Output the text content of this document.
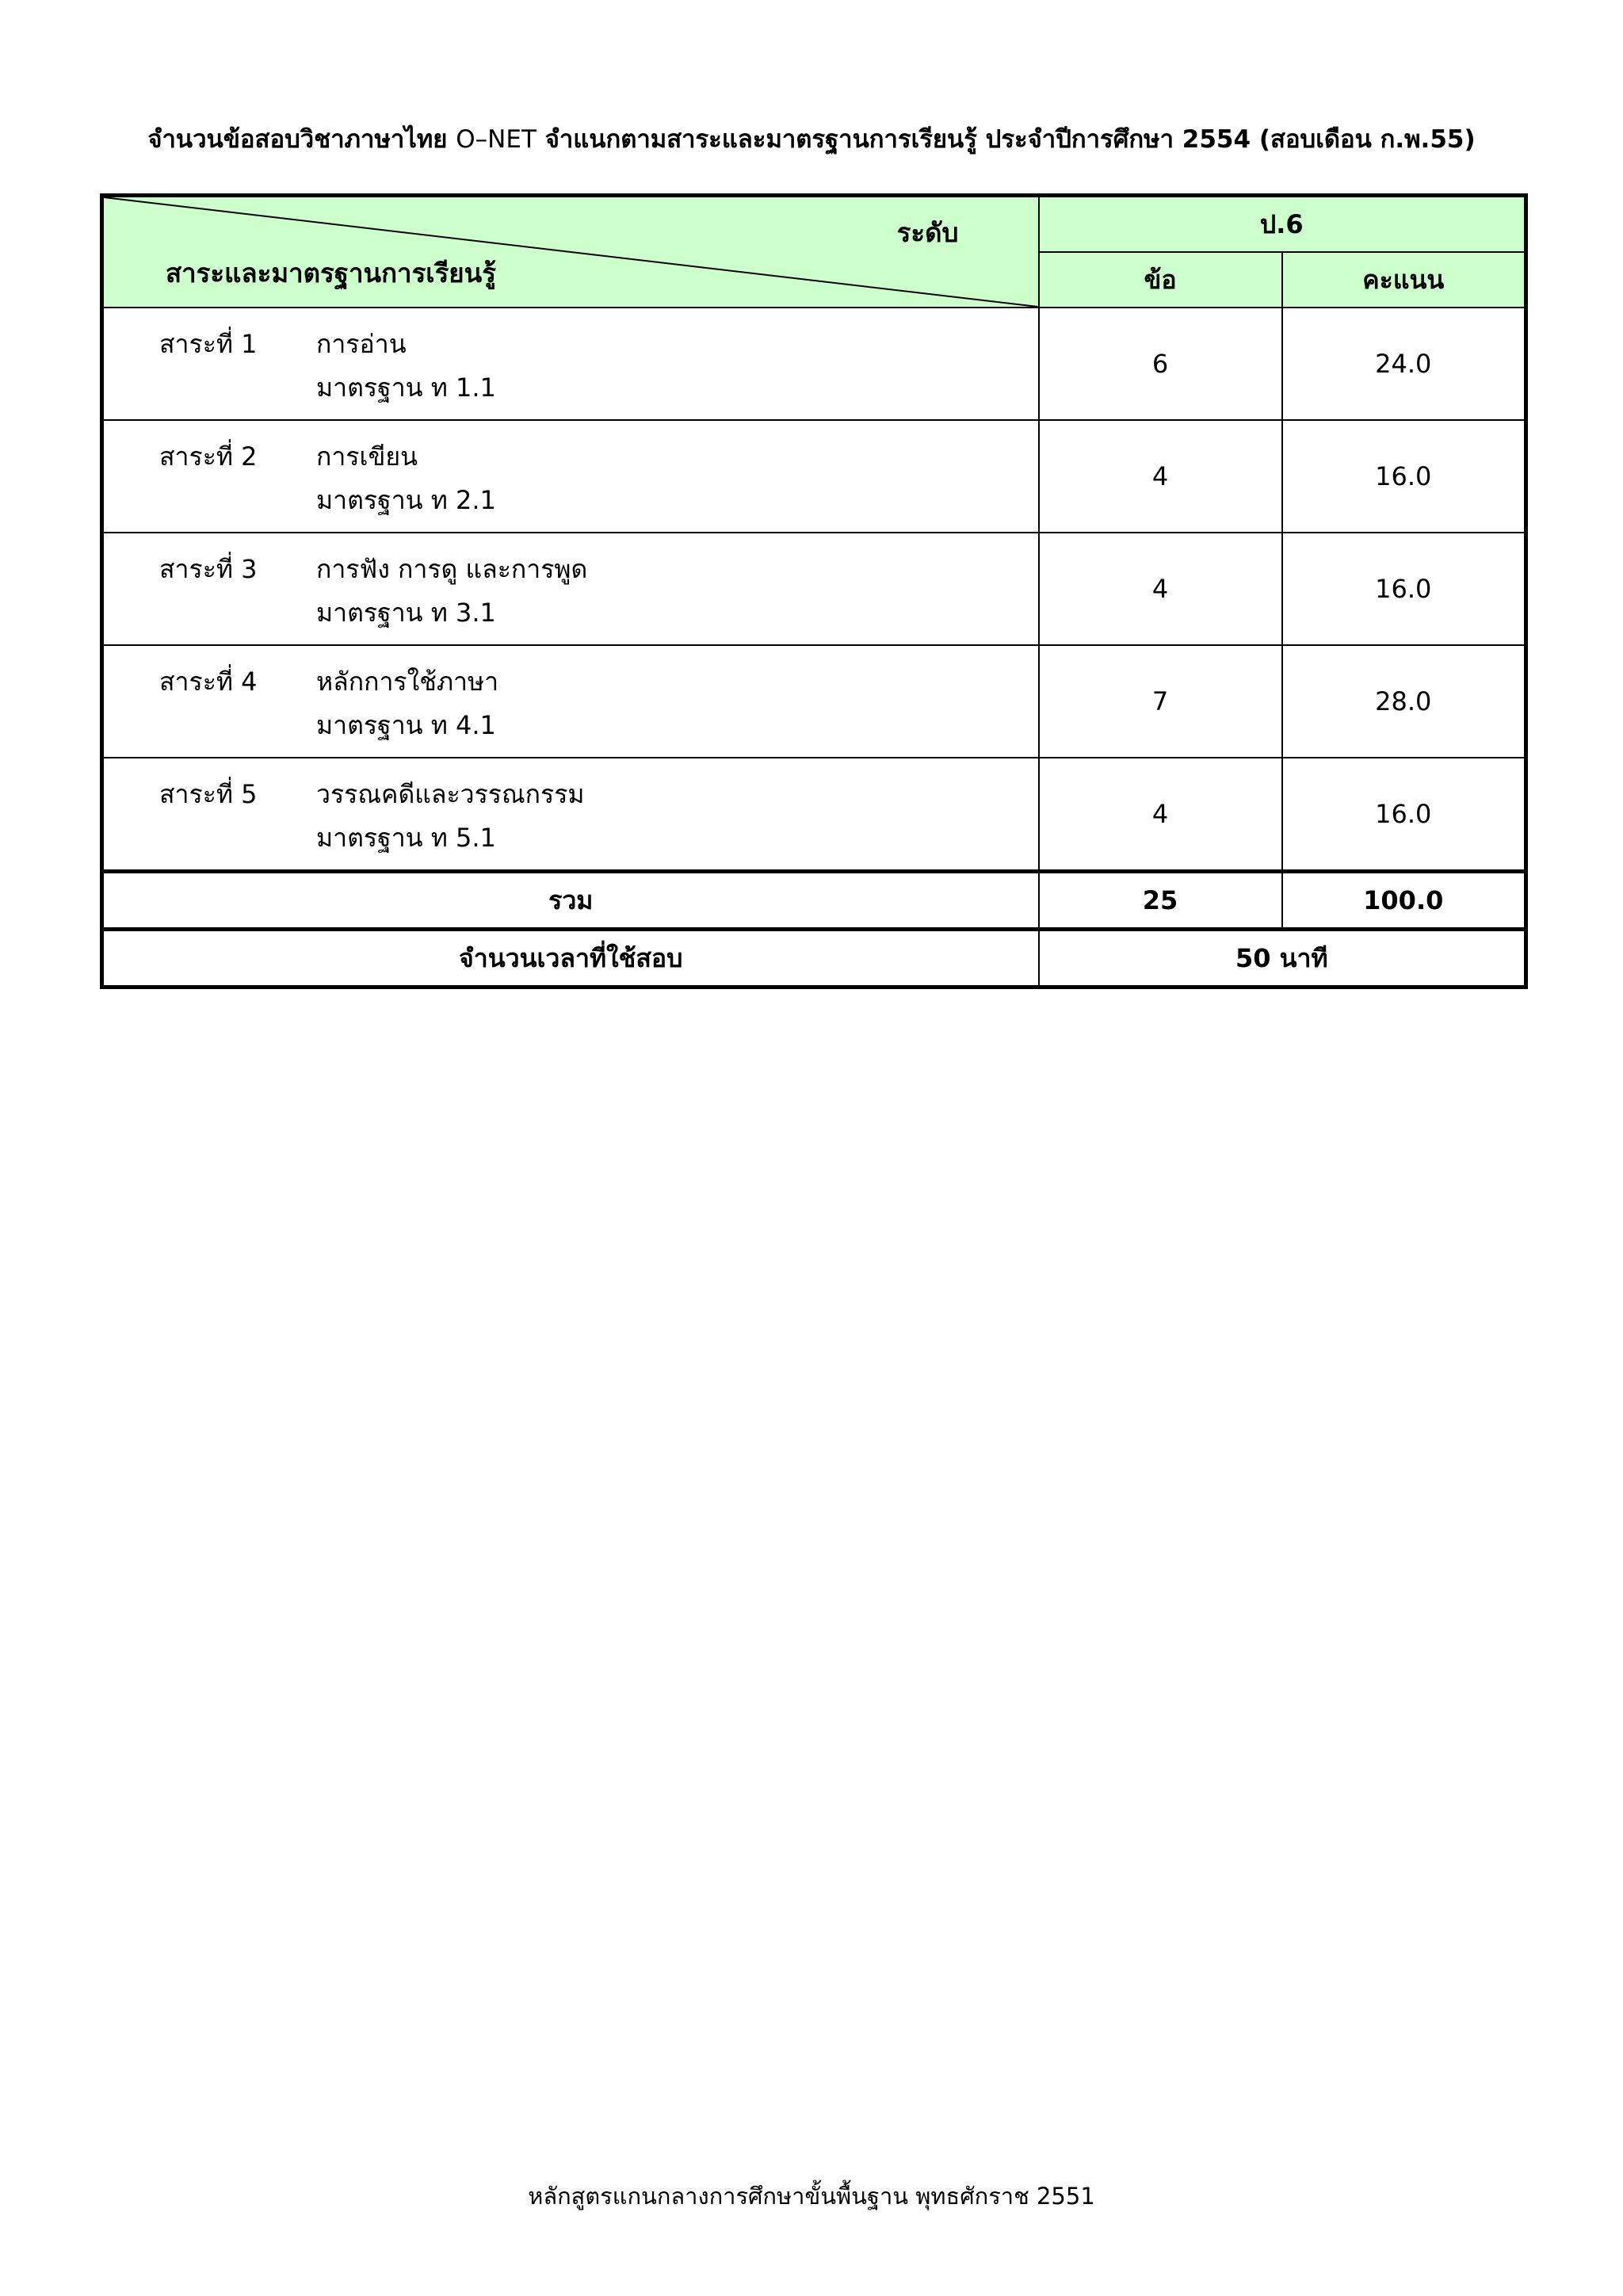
จำนวนข้อสอบวิชาภาษาไทย O–NET จำแนกตามสาระและมาตรฐานการเรียนรู้ ประจำปีการศึกษา 2554 (สอบเดือน ก.พ.55)
ระดับ
สาระและมาตรฐานการเรียนรู้	ป.6	
	ข้อ	คะแนน

สาระที่ 1 การอ่าน
มาตรฐาน ท 1.1	6	24.0

สาระที่ 2 การเขียน
มาตรฐาน ท 2.1	4	16.0

สาระที่ 3 การฟัง การดู และการพูด
มาตรฐาน ท 3.1	4	16.0

สาระที่ 4 หลักการใช้ภาษา
มาตรฐาน ท 4.1	7	28.0

สาระที่ 5 วรรณคดีและวรรณกรรม
มาตรฐาน ท 5.1	4	16.0
รวม	25	100.0
จำนวนเวลาที่ใช้สอบ	50 นาที	
หลักสูตรแกนกลางการศึกษาขั้นพื้นฐาน พุทธศักราช 2551
